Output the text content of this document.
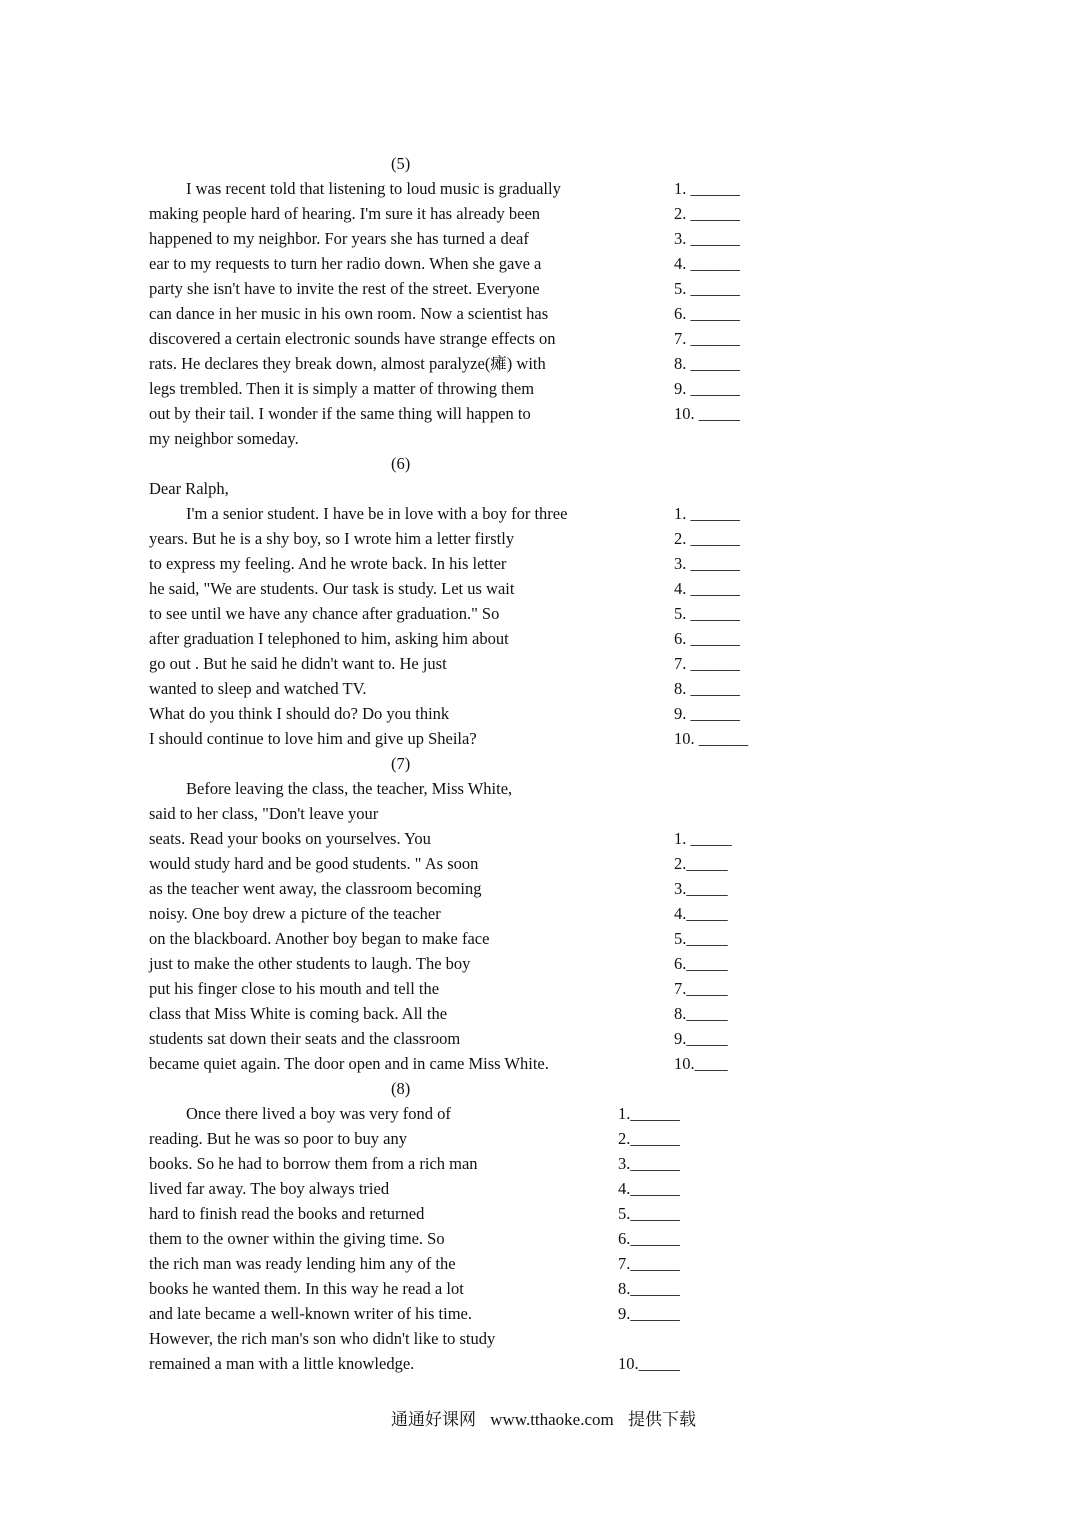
(5)
I was recent told that listening to loud music is gradually
making people hard of hearing. I'm sure it has already been
happened to my neighbor. For years she has turned a deaf
ear to my requests to turn her radio down. When she gave a
party she isn't have to invite the rest of the street. Everyone
can dance in her music in his own room. Now a scientist has
discovered a certain electronic sounds have strange effects on
rats. He declares they break down, almost paralyze(瘫) with
legs trembled. Then it is simply a matter of throwing them
out by their tail. I wonder if the same thing will happen to
my neighbor someday.
1. ______
2. ______
3. ______
4. ______
5. ______
6. ______
7. ______
8. ______
9. ______
10. _____
(6)
Dear Ralph,
I'm a senior student. I have be in love with a boy for three
years. But he is a shy boy, so I wrote him a letter firstly
to express my feeling. And he wrote back. In his letter
he said, "We are students. Our task is study. Let us wait
to see until we have any chance after graduation." So
after graduation I telephoned to him, asking him about
go out . But he said he didn't want to. He just
wanted to sleep and watched TV.
What do you think I should do? Do you think
I should continue to love him and give up Sheila?
1. ______
2. ______
3. ______
4. ______
5. ______
6. ______
7. ______
8. ______
9. ______
10. ______
(7)
Before leaving the class, the teacher, Miss White,
said to her class, "Don't leave your
seats. Read your books on yourselves. You
would study hard and be good students. " As soon
as the teacher went away, the classroom becoming
noisy. One boy drew a picture of the teacher
on the blackboard. Another boy began to make face
just to make the other students to laugh. The boy
put his finger close to his mouth and tell the
class that Miss White is coming back. All the
students sat down their seats and the classroom
became quiet again. The door open and in came Miss White.
1. _____
2._____
3._____
4._____
5._____
6._____
7._____
8._____
9._____
10.____
(8)
Once there lived a boy was very fond of
reading. But he was so poor to buy any
books. So he had to borrow them from a rich man
lived far away. The boy always tried
hard to finish read the books and returned
them to the owner within the giving time. So
the rich man was ready lending him any of the
books he wanted them. In this way he read a lot
and late became a well-known writer of his time.
However, the rich man's son who didn't like to study
remained a man with a little knowledge.
1.______
2.______
3.______
4.______
5.______
6.______
7.______
8.______
9.______
10._____
通通好课网 www.tthaoke.com 提供下载
